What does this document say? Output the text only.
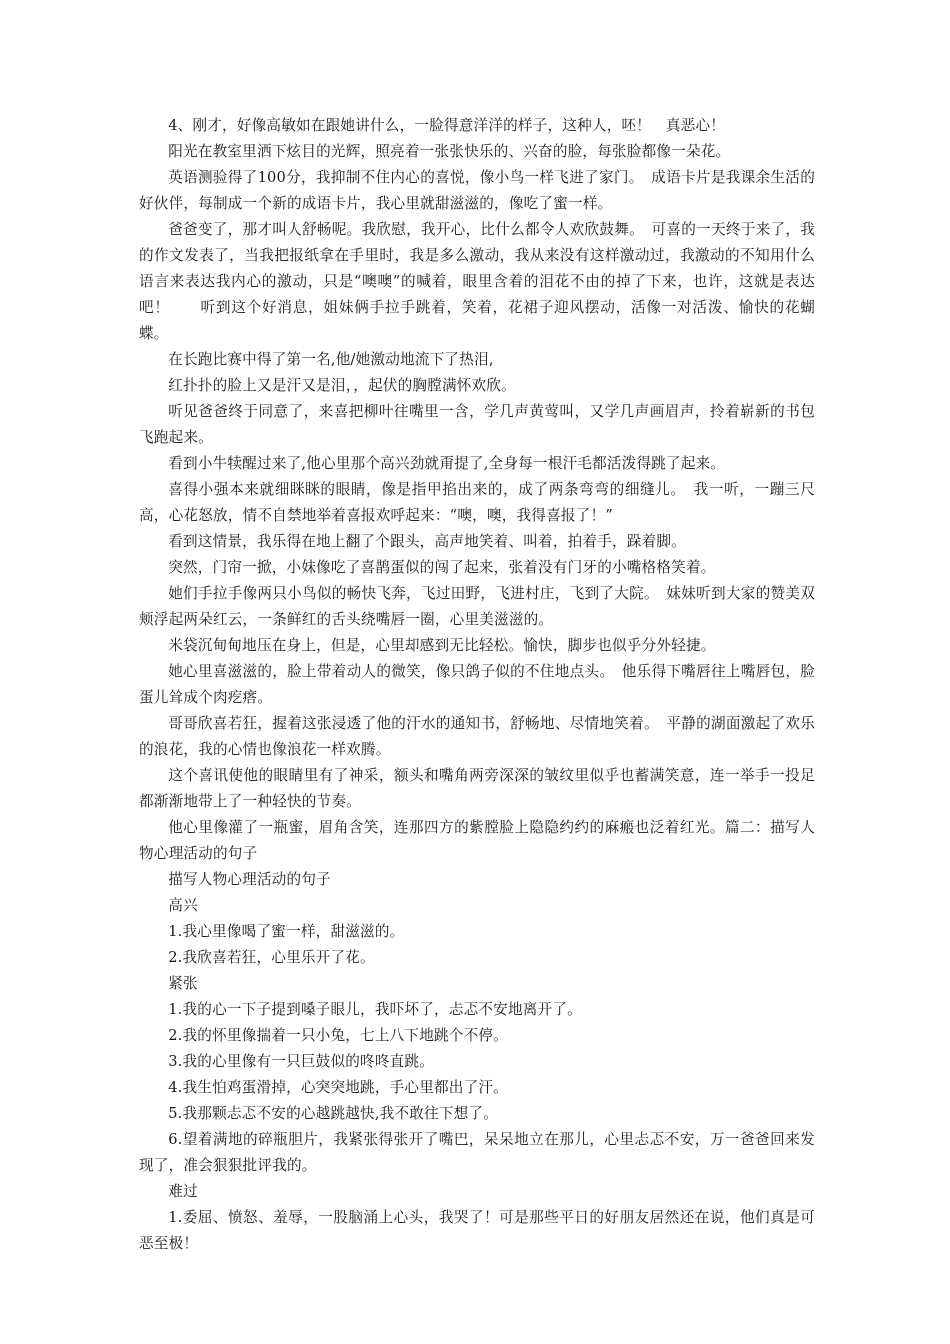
4、刚才，好像高敏如在跟她讲什么，一脸得意洋洋的样子，这种人，呸！　真恶心！

阳光在教室里洒下炫目的光辉，照亮着一张张快乐的、兴奋的脸，每张脸都像一朵花。

英语测验得了100分，我抑制不住内心的喜悦，像小鸟一样飞进了家门。　成语卡片是我课余生活的好伙伴，每制成一个新的成语卡片，我心里就甜滋滋的，像吃了蜜一样。

爸爸变了，那才叫人舒畅呢。我欣慰，我开心，比什么都令人欢欣鼓舞。　可喜的一天终于来了，我的作文发表了，当我把报纸拿在手里时，我是多么激动，我从来没有这样激动过，我激动的不知用什么语言来表达我内心的激动，只是“噢噢”的喊着，眼里含着的泪花不由的掉了下来，也许，这就是表达吧！　　听到这个好消息，姐妹俩手拉手跳着，笑着，花裙子迎风摆动，活像一对活泼、愉快的花蝴蝶。

在长跑比赛中得了第一名,他/她激动地流下了热泪,

红扑扑的脸上又是汗又是泪，，起伏的胸膛满怀欢欣。

听见爸爸终于同意了，来喜把柳叶往嘴里一含，学几声黄莺叫，又学几声画眉声，拎着崭新的书包飞跑起来。

看到小牛犊醒过来了,他心里那个高兴劲就甭提了,全身每一根汗毛都活泼得跳了起来。

喜得小强本来就细眯眯的眼睛，像是指甲掐出来的，成了两条弯弯的细缝儿。　我一听，一蹦三尺高，心花怒放，情不自禁地举着喜报欢呼起来：“噢，噢，我得喜报了！”

看到这情景，我乐得在地上翻了个跟头，高声地笑着、叫着，拍着手，跺着脚。

突然，门帘一掀，小妹像吃了喜鹊蛋似的闯了起来，张着没有门牙的小嘴格格笑着。

她们手拉手像两只小鸟似的畅快飞奔，飞过田野，飞进村庄，飞到了大院。　妹妹听到大家的赞美双颊浮起两朵红云，一条鲜红的舌头绕嘴唇一圈，心里美滋滋的。

米袋沉甸甸地压在身上，但是，心里却感到无比轻松。愉快，脚步也似乎分外轻捷。

她心里喜滋滋的，脸上带着动人的微笑，像只鸽子似的不住地点头。　他乐得下嘴唇往上嘴唇包，脸蛋儿耸成个肉疙瘩。

哥哥欣喜若狂，握着这张浸透了他的汗水的通知书，舒畅地、尽情地笑着。　平静的湖面激起了欢乐的浪花，我的心情也像浪花一样欢腾。

这个喜讯使他的眼睛里有了神采，额头和嘴角两旁深深的皱纹里似乎也蓄满笑意，连一举手一投足都渐渐地带上了一种轻快的节奏。

他心里像灌了一瓶蜜，眉角含笑，连那四方的紫膛脸上隐隐约约的麻瘢也泛着红光。篇二：描写人物心理活动的句子

描写人物心理活动的句子

高兴

1.我心里像喝了蜜一样，甜滋滋的。

2.我欣喜若狂，心里乐开了花。

紧张

1.我的心一下子提到嗓子眼儿，我吓坏了，忐忑不安地离开了。

2.我的怀里像揣着一只小兔，七上八下地跳个不停。

3.我的心里像有一只巨鼓似的咚咚直跳。

4.我生怕鸡蛋滑掉，心突突地跳，手心里都出了汗。

5.我那颗忐忑不安的心越跳越快,我不敢往下想了。

6.望着满地的碎瓶胆片，我紧张得张开了嘴巴，呆呆地立在那儿，心里忐忑不安，万一爸爸回来发现了，准会狠狠批评我的。

难过

1.委屈、愤怒、羞辱，一股脑涌上心头，我哭了！可是那些平日的好朋友居然还在说，他们真是可恶至极！
